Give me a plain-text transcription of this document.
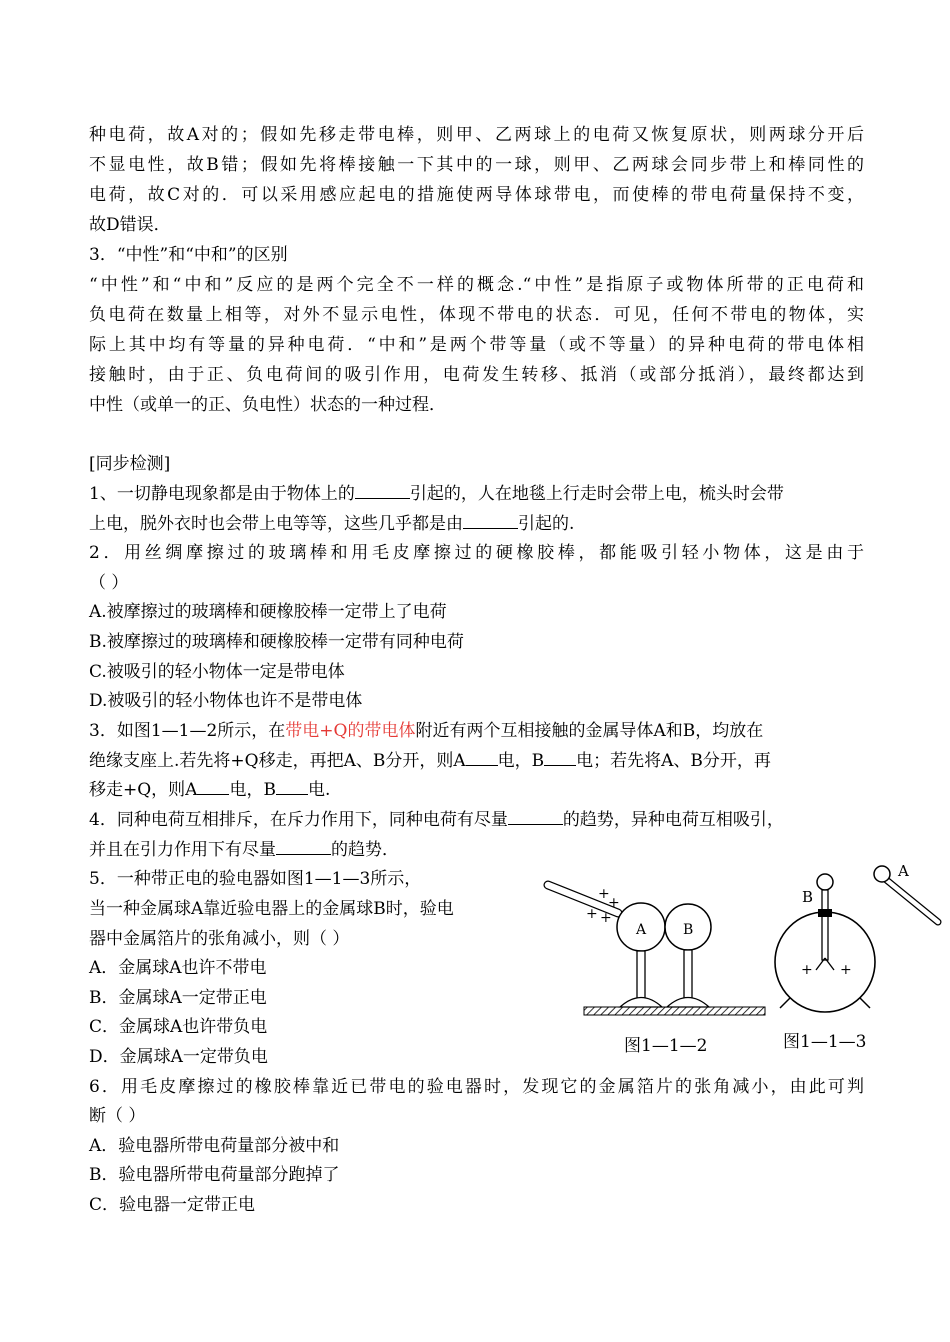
种电荷，故A对的；假如先移走带电棒，则甲、乙两球上的电荷又恢复原状，则两球分开后
不显电性，故B错；假如先将棒接触一下其中的一球，则甲、乙两球会同步带上和棒同性的
电荷，故C对的．可以采用感应起电的措施使两导体球带电，而使棒的带电荷量保持不变，
故D错误．
3．“中性”和“中和”的区别
“中性”和“中和”反应的是两个完全不一样的概念.“中性”是指原子或物体所带的正电荷和
负电荷在数量上相等，对外不显示电性，体现不带电的状态．可见，任何不带电的物体，实
际上其中均有等量的异种电荷．“中和”是两个带等量（或不等量）的异种电荷的带电体相
接触时，由于正、负电荷间的吸引作用，电荷发生转移、抵消（或部分抵消），最终都达到
中性（或单一的正、负电性）状态的一种过程．
[同步检测]
1、一切静电现象都是由于物体上的	引起的，人在地毯上行走时会带上电，梳头时会带
上电，脱外衣时也会带上电等等，这些几乎都是由	引起的.
2．用丝绸摩擦过的玻璃棒和用毛皮摩擦过的硬橡胶棒，都能吸引轻小物体，这是由于
（ ）
A.被摩擦过的玻璃棒和硬橡胶棒一定带上了电荷
B.被摩擦过的玻璃棒和硬橡胶棒一定带有同种电荷
C.被吸引的轻小物体一定是带电体
D.被吸引的轻小物体也许不是带电体
3．如图1—1—2所示，在带电+Q的带电体附近有两个互相接触的金属导体A和B，均放在
绝缘支座上.若先将+Q移走，再把A、B分开，则A 电，B 电；若先将A、B分开，再
移走+Q，则A 电，B 电.
4．同种电荷互相排斥，在斥力作用下，同种电荷有尽量	的趋势，异种电荷互相吸引，
并且在引力作用下有尽量	的趋势．
5．一种带正电的验电器如图1—1—3所示，
当一种金属球A靠近验电器上的金属球B时，验电
器中金属箔片的张角减小，则（ ）
A．金属球A也许不带电
B．金属球A一定带正电
C．金属球A也许带负电
D．金属球A一定带负电
+
+
+ +
A	B
图1—1—2
A
B
+ +
图1—1—3
6．用毛皮摩擦过的橡胶棒靠近已带电的验电器时，发现它的金属箔片的张角减小，由此可判
断（ ）
A．验电器所带电荷量部分被中和
B．验电器所带电荷量部分跑掉了
C．验电器一定带正电
